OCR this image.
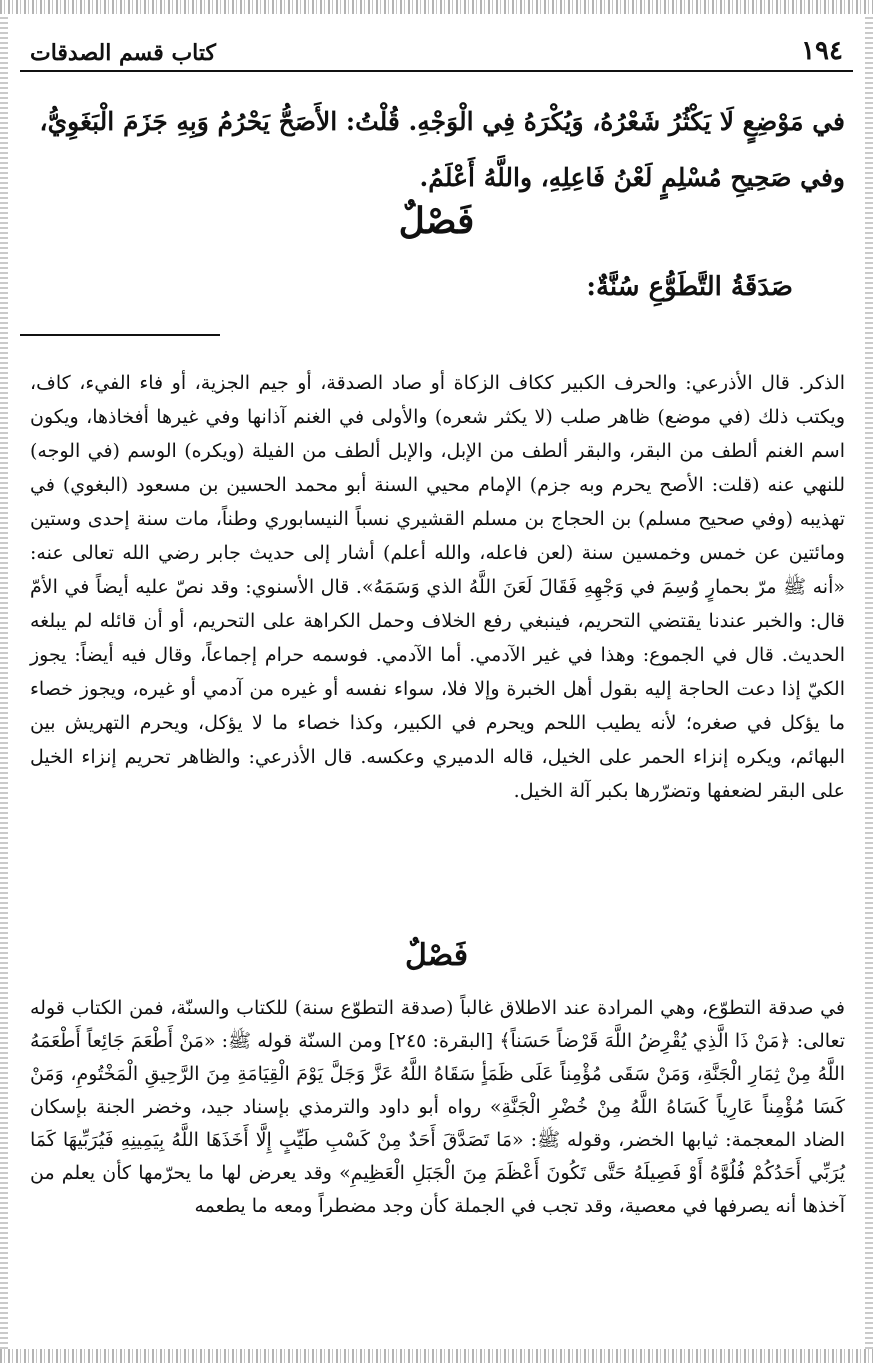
١٩٤
كتاب قسم الصدقات

في مَوْضِعٍ لَا يَكْثُرُ شَعْرُهُ، وَيُكْرَهُ فِي الْوَجْهِ. قُلْتُ: الأَصَحُّ يَحْرُمُ وَبِهِ جَزَمَ الْبَغَوِيُّ،

وفي صَحِيحِ مُسْلِمٍ لَعْنُ فَاعِلِهِ، واللَّهُ أَعْلَمُ.

فَصْلٌ
صَدَقَةُ التَّطَوُّعِ سُنَّةٌ:

الذكر. قال الأذرعي: والحرف الكبير ككاف الزكاة أو صاد الصدقة، أو جيم الجزية، أو فاء الفيء، كاف، ويكتب ذلك (في موضع) ظاهر صلب (لا يكثر شعره) والأولى في الغنم آذانها وفي غيرها أفخاذها، ويكون اسم الغنم ألطف من البقر، والبقر ألطف من الإبل، والإبل ألطف من الفيلة (ويكره) الوسم (في الوجه) للنهي عنه (قلت: الأصح يحرم وبه جزم) الإمام محيي السنة أبو محمد الحسين بن مسعود (البغوي) في تهذيبه (وفي صحيح مسلم) بن الحجاج بن مسلم القشيري نسباً النيسابوري وطناً، مات سنة إحدى وستين ومائتين عن خمس وخمسين سنة (لعن فاعله، والله أعلم) أشار إلى حديث جابر رضي الله تعالى عنه: «أنه ﷺ مرّ بحمارٍ وُسِمَ في وَجْهِهِ فَقَالَ لَعَنَ اللَّهُ الذي وَسَمَهُ». قال الأسنوي: وقد نصّ عليه أيضاً في الأمّ قال: والخبر عندنا يقتضي التحريم، فينبغي رفع الخلاف وحمل الكراهة على التحريم، أو أن قائله لم يبلغه الحديث. قال في الجموع: وهذا في غير الآدمي. أما الآدمي. فوسمه حرام إجماعاً، وقال فيه أيضاً: يجوز الكيّ إذا دعت الحاجة إليه بقول أهل الخبرة وإلا فلا، سواء نفسه أو غيره من آدمي أو غيره، ويجوز خصاء ما يؤكل في صغره؛ لأنه يطيب اللحم ويحرم في الكبير، وكذا خصاء ما لا يؤكل، ويحرم التهريش بين البهائم، ويكره إنزاء الحمر على الخيل، قاله الدميري وعكسه. قال الأذرعي: والظاهر تحريم إنزاء الخيل على البقر لضعفها وتضرّرها بكبر آلة الخيل.

فَصْلٌ

في صدقة التطوّع، وهي المرادة عند الاطلاق غالباً (صدقة التطوّع سنة) للكتاب والسنّة، فمن الكتاب قوله تعالى: ﴿مَنْ ذَا الَّذِي يُقْرِضُ اللَّهَ قَرْضاً حَسَناً﴾ [البقرة: ٢٤٥] ومن السنّة قوله ﷺ: «مَنْ أَطْعَمَ جَائِعاً أَطْعَمَهُ اللَّهُ مِنْ ثِمَارِ الْجَنَّةِ، وَمَنْ سَقَى مُؤْمِناً عَلَى ظَمَأٍ سَقَاهُ اللَّهُ عَزَّ وَجَلَّ يَوْمَ الْقِيَامَةِ مِنَ الرَّحِيقِ الْمَخْتُومِ، وَمَنْ كَسَا مُؤْمِناً عَارِياً كَسَاهُ اللَّهُ مِنْ خُضْرِ الْجَنَّةِ» رواه أبو داود والترمذي بإسناد جيد، وخضر الجنة بإسكان الضاد المعجمة: ثيابها الخضر، وقوله ﷺ: «مَا تَصَدَّقَ أَحَدٌ مِنْ كَسْبِ طَيِّبٍ إِلَّا أَخَذَهَا اللَّهُ بِيَمِينِهِ فَيُرَبِّيهَا كَمَا يُرَبِّي أَحَدُكُمْ فُلُوَّهُ أَوْ فَصِيلَهُ حَتَّى تَكُونَ أَعْظَمَ مِنَ الْجَبَلِ الْعَظِيمِ» وقد يعرض لها ما يحرّمها كأن يعلم من آخذها أنه يصرفها في معصية، وقد تجب في الجملة كأن وجد مضطراً ومعه ما يطعمه
